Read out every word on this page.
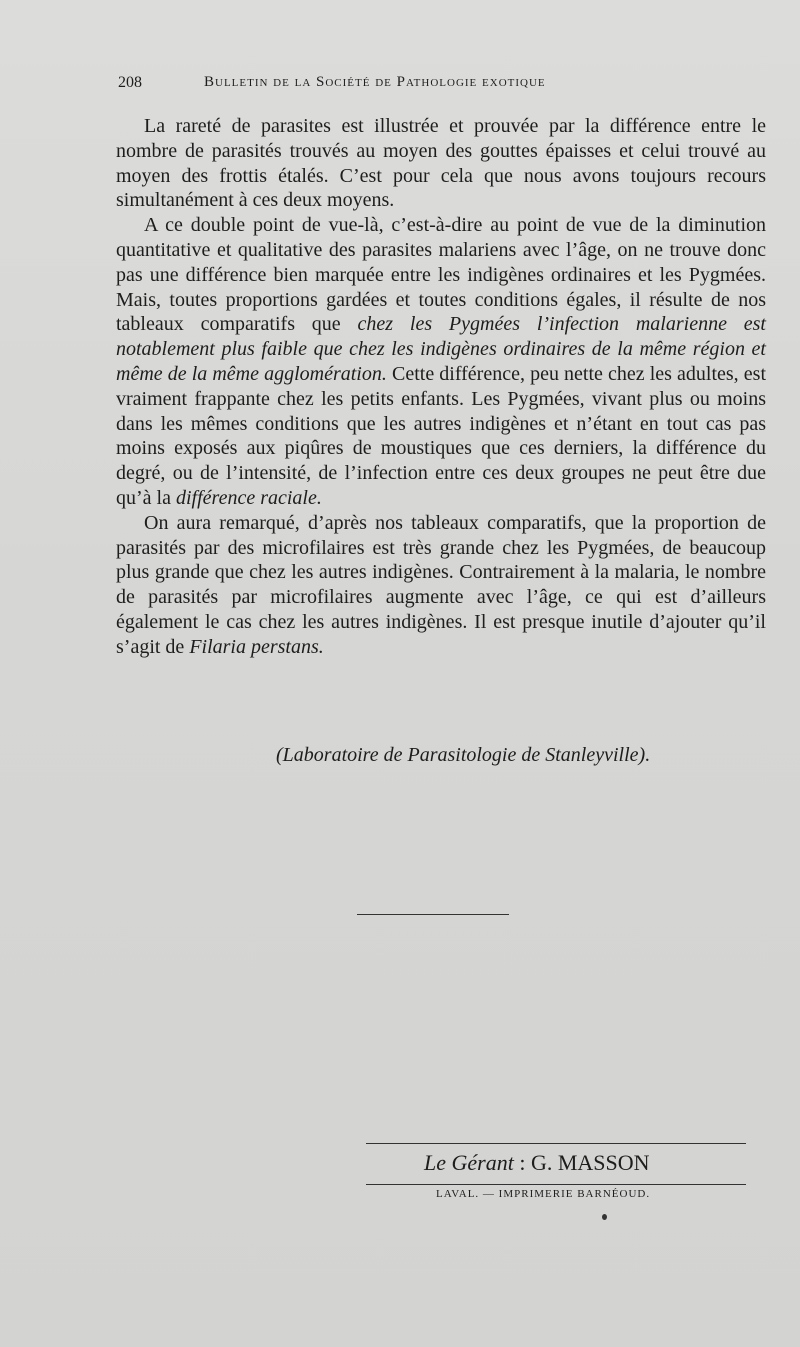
208	Bulletin de la Société de Pathologie exotique

La rareté de parasites est illustrée et prouvée par la différence entre le nombre de parasités trouvés au moyen des gouttes épaisses et celui trouvé au moyen des frottis étalés. C’est pour cela que nous avons toujours recours simultanément à ces deux moyens.

A ce double point de vue-là, c’est-à-dire au point de vue de la diminution quantitative et qualitative des parasites malariens avec l’âge, on ne trouve donc pas une différence bien marquée entre les indigènes ordinaires et les Pygmées. Mais, toutes proportions gardées et toutes conditions égales, il résulte de nos tableaux comparatifs que chez les Pygmées l’infection malarienne est notablement plus faible que chez les indigènes ordinaires de la même région et même de la même agglomération. Cette différence, peu nette chez les adultes, est vraiment frappante chez les petits enfants. Les Pygmées, vivant plus ou moins dans les mêmes conditions que les autres indigènes et n’étant en tout cas pas moins exposés aux piqûres de moustiques que ces derniers, la différence du degré, ou de l’intensité, de l’infection entre ces deux groupes ne peut être due qu’à la différence raciale.

On aura remarqué, d’après nos tableaux comparatifs, que la proportion de parasités par des microfilaires est très grande chez les Pygmées, de beaucoup plus grande que chez les autres indigènes. Contrairement à la malaria, le nombre de parasités par microfilaires augmente avec l’âge, ce qui est d’ailleurs également le cas chez les autres indigènes. Il est presque inutile d’ajouter qu’il s’agit de Filaria perstans.

(Laboratoire de Parasitologie de Stanleyville).
Le Gérant : G. MASSON
LAVAL. — IMPRIMERIE BARNÉOUD.
